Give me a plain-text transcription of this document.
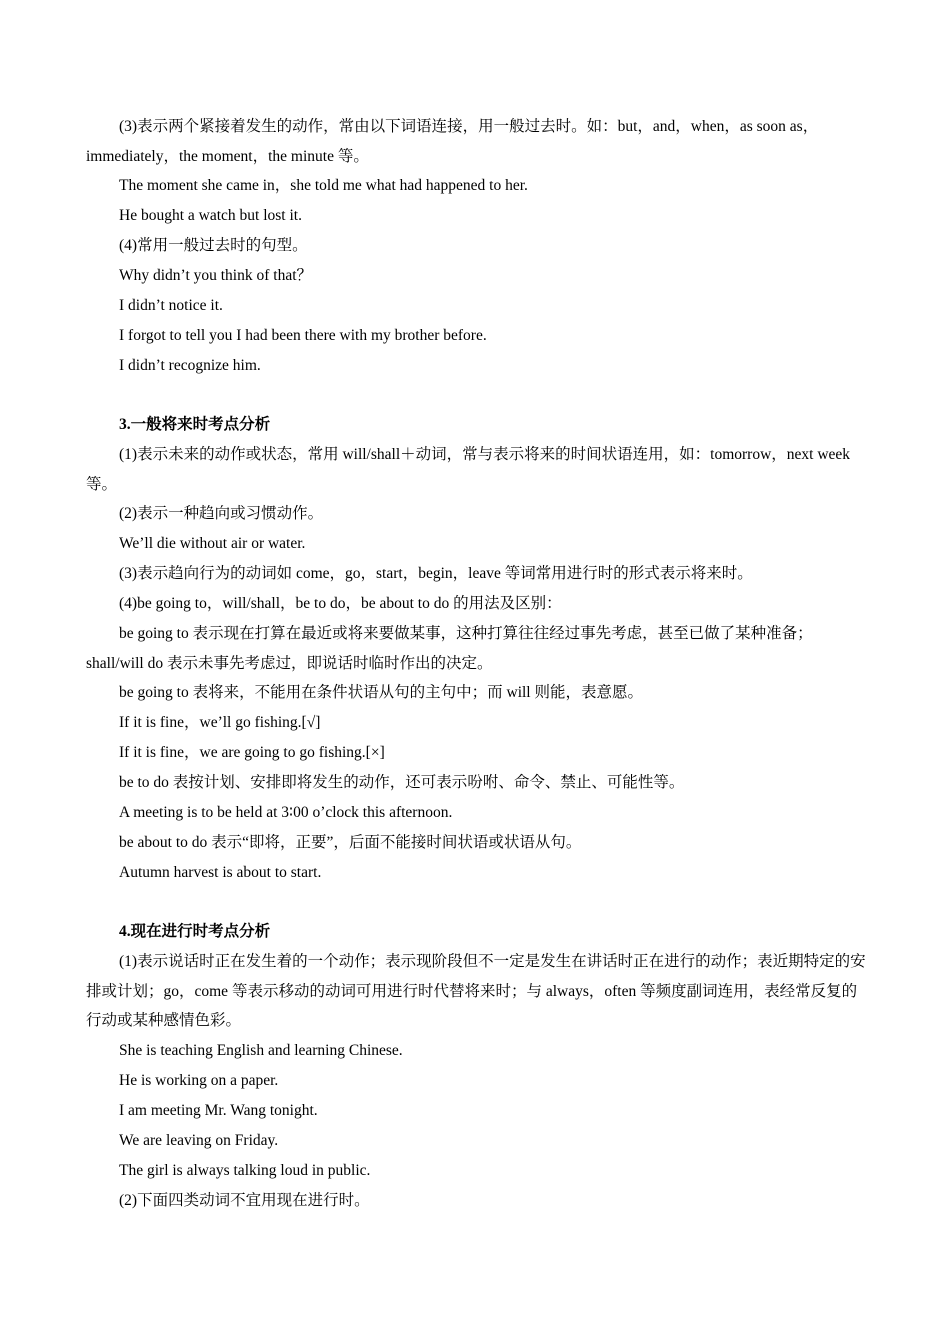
(3)表示两个紧接着发生的动作，常由以下词语连接，用一般过去时。如：but，and，when，as soon as，immediately，the moment，the minute 等。

The moment she came in，she told me what had happened to her.

He bought a watch but lost it.

(4)常用一般过去时的句型。

Why didn’t you think of that？

I didn’t notice it.

I forgot to tell you I had been there with my brother before.

I didn’t recognize him.

3.一般将来时考点分析

(1)表示未来的动作或状态，常用 will/shall＋动词，常与表示将来的时间状语连用，如：tomorrow，next week 等。

(2)表示一种趋向或习惯动作。

We’ll die without air or water.

(3)表示趋向行为的动词如 come，go，start，begin，leave 等词常用进行时的形式表示将来时。

(4)be going to，will/shall，be to do，be about to do 的用法及区别：

be going to 表示现在打算在最近或将来要做某事，这种打算往往经过事先考虑，甚至已做了某种准备；shall/will do 表示未事先考虑过，即说话时临时作出的决定。

be going to 表将来，不能用在条件状语从句的主句中；而 will 则能，表意愿。

If it is fine，we’ll go fishing.[√]

If it is fine，we are going to go fishing.[×]

be to do 表按计划、安排即将发生的动作，还可表示吩咐、命令、禁止、可能性等。

A meeting is to be held at 3∶00 o’clock this afternoon.

be about to do 表示“即将，正要”，后面不能接时间状语或状语从句。

Autumn harvest is about to start.

4.现在进行时考点分析

(1)表示说话时正在发生着的一个动作；表示现阶段但不一定是发生在讲话时正在进行的动作；表近期特定的安排或计划；go，come 等表示移动的动词可用进行时代替将来时；与 always，often 等频度副词连用，表经常反复的行动或某种感情色彩。

She is teaching English and learning Chinese.

He is working on a paper.

I am meeting Mr. Wang tonight.

We are leaving on Friday.

The girl is always talking loud in public.

(2)下面四类动词不宜用现在进行时。
